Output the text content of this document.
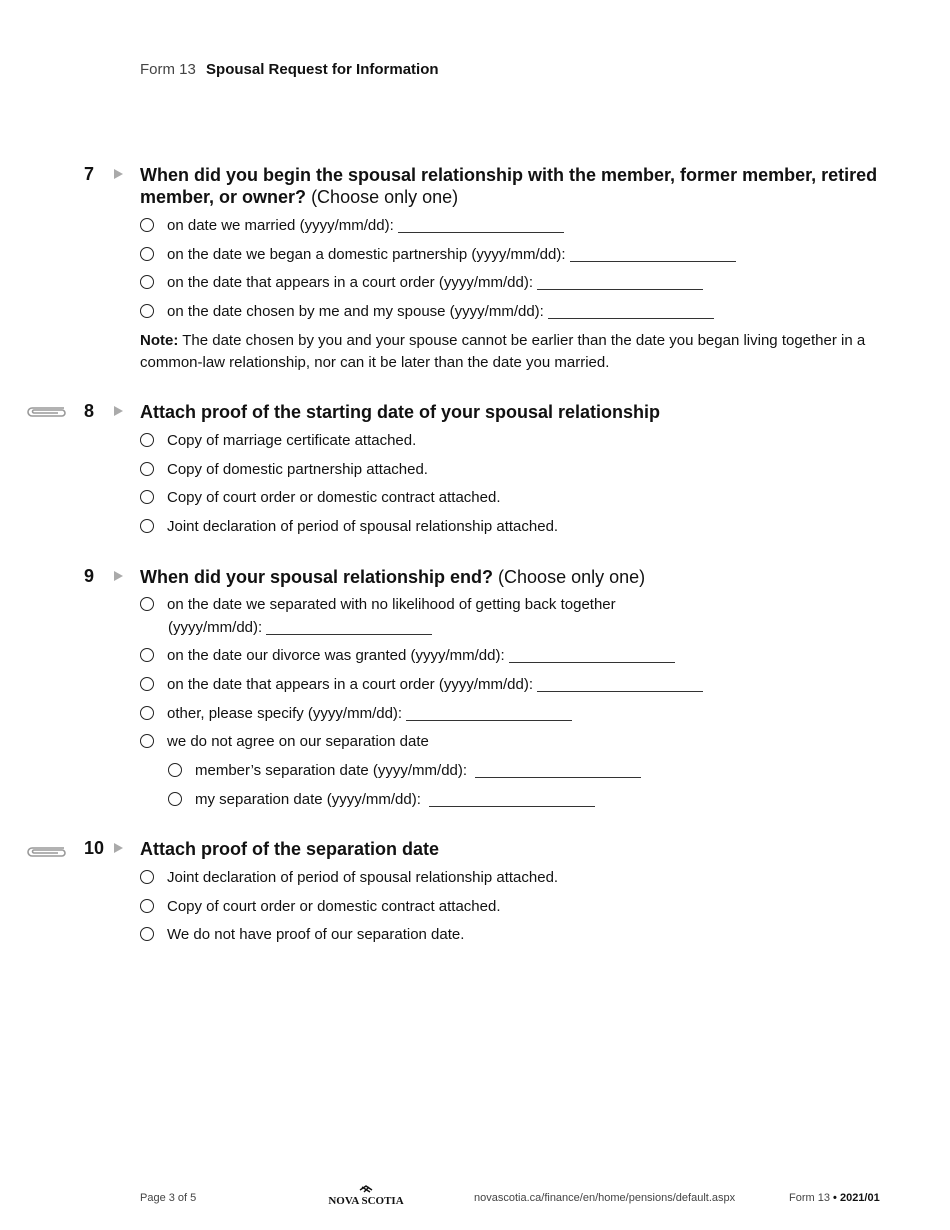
Form 13 Spousal Request for Information
7	When did you begin the spousal relationship with the member, former member, retired member, or owner? (Choose only one)
on date we married (yyyy/mm/dd):
on the date we began a domestic partnership (yyyy/mm/dd):
on the date that appears in a court order (yyyy/mm/dd):
on the date chosen by me and my spouse (yyyy/mm/dd):
Note: The date chosen by you and your spouse cannot be earlier than the date you began living together in a common-law relationship, nor can it be later than the date you married.
8	Attach proof of the starting date of your spousal relationship
Copy of marriage certificate attached.
Copy of domestic partnership attached.
Copy of court order or domestic contract attached.
Joint declaration of period of spousal relationship attached.
9	When did your spousal relationship end? (Choose only one)
on the date we separated with no likelihood of getting back together
(yyyy/mm/dd):
on the date our divorce was granted (yyyy/mm/dd):
on the date that appears in a court order (yyyy/mm/dd):
other, please specify (yyyy/mm/dd):
we do not agree on our separation date
member’s separation date (yyyy/mm/dd):
my separation date (yyyy/mm/dd):
10 Attach proof of the separation date
Joint declaration of period of spousal relationship attached.
Copy of court order or domestic contract attached.
We do not have proof of our separation date.
Page 3 of 5	NOVA SCOTIA	novascotia.ca/finance/en/home/pensions/default.aspx	Form 13 • 2021/01
